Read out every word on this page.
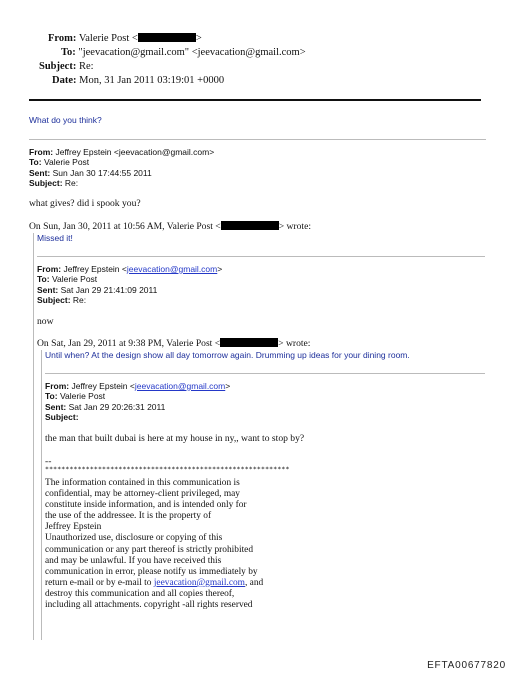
From: Valerie Post <	>
To: "jeevacation@gmail.com" <jeevacation@gmail.com>
Subject: Re:
Date: Mon, 31 Jan 2011 03:19:01 +0000
What do you think?
From: Jeffrey Epstein <jeevacation@gmail.com>
To: Valerie Post
Sent: Sun Jan 30 17:44:55 2011
Subject: Re:
what gives? did i spook you?
On Sun, Jan 30, 2011 at 10:56 AM, Valerie Post <	> wrote:
Missed it!
From: Jeffrey Epstein <jeevacation@gmail.com>
To: Valerie Post
Sent: Sat Jan 29 21:41:09 2011
Subject: Re:
now
On Sat, Jan 29, 2011 at 9:38 PM, Valerie Post <	> wrote:
Until when? At the design show all day tomorrow again. Drumming up ideas for your dining room.
From: Jeffrey Epstein <jeevacation@gmail.com>
To: Valerie Post
Sent: Sat Jan 29 20:26:31 2011
Subject:
the man that built dubai is here at my house in ny,, want to stop by?
--
************************************************************
The information contained in this communication is
confidential, may be attorney-client privileged, may
constitute inside information, and is intended only for
the use of the addressee. It is the property of
Jeffrey Epstein
Unauthorized use, disclosure or copying of this
communication or any part thereof is strictly prohibited
and may be unlawful. If you have received this
communication in error, please notify us immediately by
return e-mail or by e-mail to jeevacation@gmail.com, and
destroy this communication and all copies thereof,
including all attachments. copyright -all rights reserved
EFTA00677820
